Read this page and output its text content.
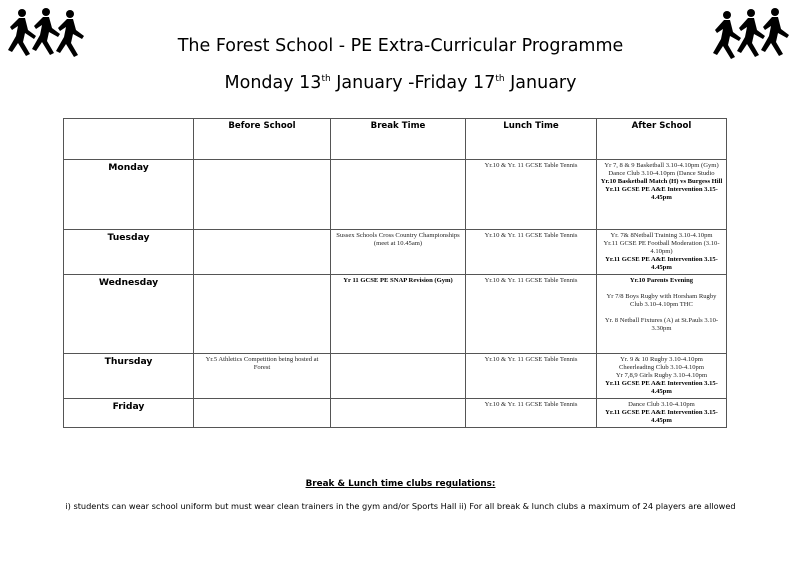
The Forest School - PE Extra-Curricular Programme
Monday 13th January -Friday 17th January
	Before School	Break Time	Lunch Time	After School
Monday			Yr.10 & Yr. 11 GCSE Table Tennis	Yr 7, 8 & 9 Basketball 3.10-4.10pm (Gym)
Dance Club 3.10-4.10pm (Dance Studio
Yr.10 Basketball Match (H) vs Burgess Hill
Yr.11 GCSE PE A&E Intervention 3.15-4.45pm

Tuesday		Sussex Schools Cross Country Championships (meet at 10.45am)	Yr.10 & Yr. 11 GCSE Table Tennis	Yr. 7& 8Netball Training 3.10-4.10pm
Yr.11 GCSE PE Football Moderation (3.10-4.10pm)
Yr.11 GCSE PE A&E Intervention 3.15-4.45pm

Wednesday		Yr 11 GCSE PE SNAP Revision (Gym)	Yr.10 & Yr. 11 GCSE Table Tennis	Yr.10 Parents Evening
Yr 7/8 Boys Rugby with Horsham Rugby Club 3.10-4.10pm THC
Yr. 8 Netball Fixtures (A) at St.Pauls 3.10-3.30pm

Thursday	Yr.5 Athletics Competition being hosted at Forest		Yr.10 & Yr. 11 GCSE Table Tennis	Yr. 9 & 10 Rugby 3.10-4.10pm
Cheerleading Club 3.10-4.10pm
Yr 7,8,9 Girls Rugby 3.10-4.10pm
Yr.11 GCSE PE A&E Intervention 3.15-4.45pm

Friday			Yr.10 & Yr. 11 GCSE Table Tennis	Dance Club 3.10-4.10pm
Yr.11 GCSE PE A&E Intervention 3.15-4.45pm
Break & Lunch time clubs regulations:
i) students can wear school uniform but must wear clean trainers in the gym and/or Sports Hall ii) For all break & lunch clubs a maximum of 24 players are allowed
